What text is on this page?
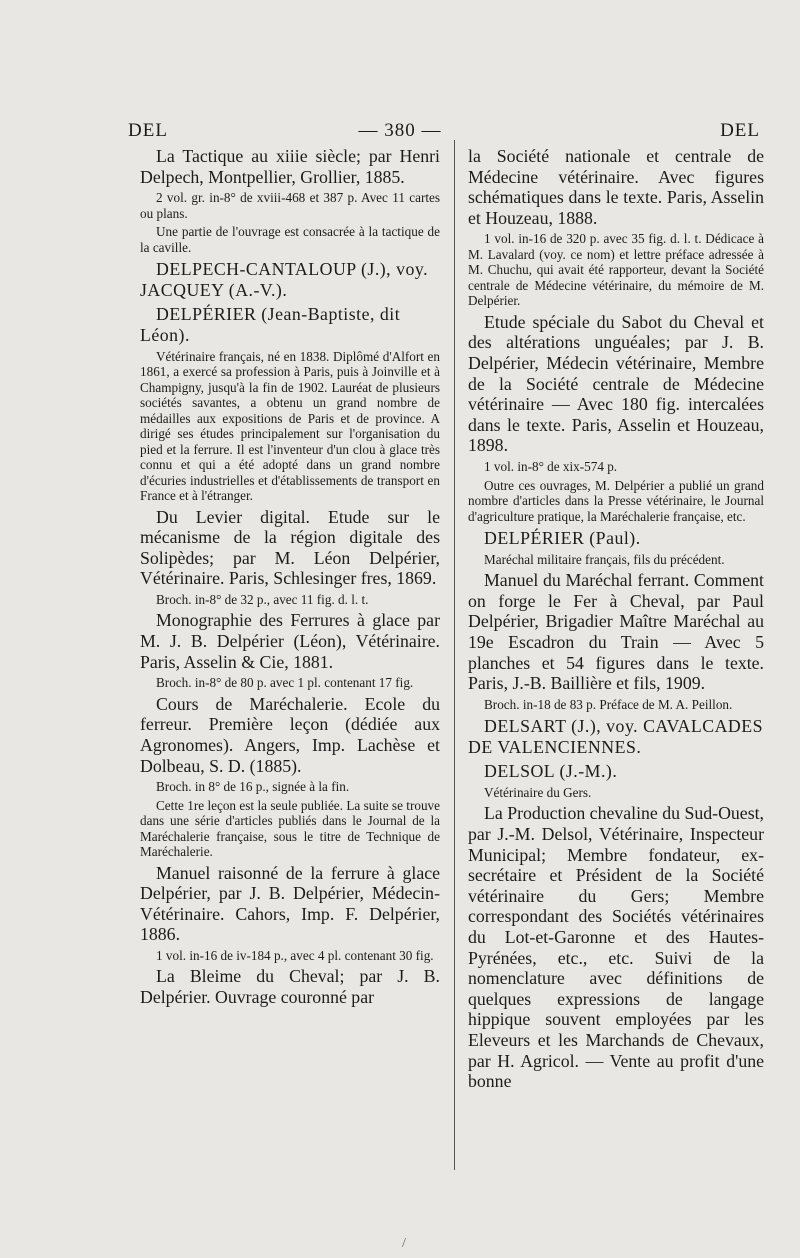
DEL	— 380 —	DEL

La Tactique au xiiie siècle; par Henri Delpech, Montpellier, Grollier, 1885.

2 vol. gr. in-8° de xviii-468 et 387 p. Avec 11 cartes ou plans.

Une partie de l'ouvrage est consacrée à la tactique de la caville.

DELPECH-CANTALOUP (J.), voy. JACQUEY (A.-V.).

DELPÉRIER (Jean-Baptiste, dit Léon).

Vétérinaire français, né en 1838. Diplômé d'Alfort en 1861, a exercé sa profession à Paris, puis à Joinville et à Champigny, jusqu'à la fin de 1902. Lauréat de plusieurs sociétés savantes, a obtenu un grand nombre de médailles aux expositions de Paris et de province. A dirigé ses études principalement sur l'organisation du pied et la ferrure. Il est l'inventeur d'un clou à glace très connu et qui a été adopté dans un grand nombre d'écuries industrielles et d'établissements de transport en France et à l'étranger.

Du Levier digital. Etude sur le mécanisme de la région digitale des Solipèdes; par M. Léon Delpérier, Vétérinaire. Paris, Schlesinger fres, 1869.

Broch. in-8° de 32 p., avec 11 fig. d. l. t.

Monographie des Ferrures à glace par M. J. B. Delpérier (Léon), Vétérinaire. Paris, Asselin & Cie, 1881.

Broch. in-8° de 80 p. avec 1 pl. contenant 17 fig.

Cours de Maréchalerie. Ecole du ferreur. Première leçon (dédiée aux Agronomes). Angers, Imp. Lachèse et Dolbeau, S. D. (1885).

Broch. in 8° de 16 p., signée à la fin.

Cette 1re leçon est la seule publiée. La suite se trouve dans une série d'articles publiés dans le Journal de la Maréchalerie française, sous le titre de Technique de Maréchalerie.

Manuel raisonné de la ferrure à glace Delpérier, par J. B. Delpérier, Médecin-Vétérinaire. Cahors, Imp. F. Delpérier, 1886.

1 vol. in-16 de iv-184 p., avec 4 pl. contenant 30 fig.

La Bleime du Cheval; par J. B. Delpérier. Ouvrage couronné par

la Société nationale et centrale de Médecine vétérinaire. Avec figures schématiques dans le texte. Paris, Asselin et Houzeau, 1888.

1 vol. in-16 de 320 p. avec 35 fig. d. l. t. Dédicace à M. Lavalard (voy. ce nom) et lettre préface adressée à M. Chuchu, qui avait été rapporteur, devant la Société centrale de Médecine vétérinaire, du mémoire de M. Delpérier.

Etude spéciale du Sabot du Cheval et des altérations unguéales; par J. B. Delpérier, Médecin vétérinaire, Membre de la Société centrale de Médecine vétérinaire — Avec 180 fig. intercalées dans le texte. Paris, Asselin et Houzeau, 1898.

1 vol. in-8° de xix-574 p.

Outre ces ouvrages, M. Delpérier a publié un grand nombre d'articles dans la Presse vétérinaire, le Journal d'agriculture pratique, la Maréchalerie française, etc.

DELPÉRIER (Paul).

Maréchal militaire français, fils du précédent.

Manuel du Maréchal ferrant. Comment on forge le Fer à Cheval, par Paul Delpérier, Brigadier Maître Maréchal au 19e Escadron du Train — Avec 5 planches et 54 figures dans le texte. Paris, J.-B. Baillière et fils, 1909.

Broch. in-18 de 83 p. Préface de M. A. Peillon.

DELSART (J.), voy. CAVALCADES DE VALENCIENNES.

DELSOL (J.-M.).

Vétérinaire du Gers.

La Production chevaline du Sud-Ouest, par J.-M. Delsol, Vétérinaire, Inspecteur Municipal; Membre fondateur, ex-secrétaire et Président de la Société vétérinaire du Gers; Membre correspondant des Sociétés vétérinaires du Lot-et-Garonne et des Hautes-Pyrénées, etc., etc. Suivi de la nomenclature avec définitions de quelques expressions de langage hippique souvent employées par les Eleveurs et les Marchands de Chevaux, par H. Agricol. — Vente au profit d'une bonne

/
